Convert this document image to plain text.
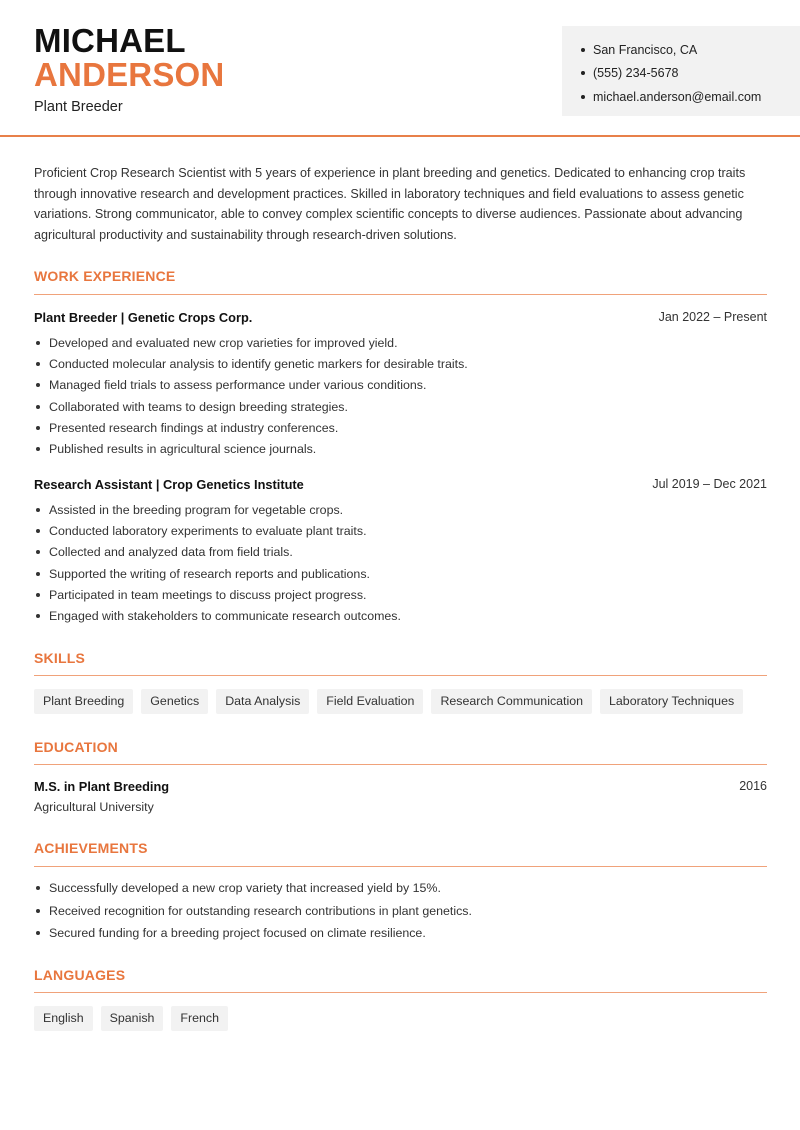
MICHAEL
ANDERSON
Plant Breeder
San Francisco, CA
(555) 234-5678
michael.anderson@email.com

Proficient Crop Research Scientist with 5 years of experience in plant breeding and genetics. Dedicated to enhancing crop traits through innovative research and development practices. Skilled in laboratory techniques and field evaluations to assess genetic variations. Strong communicator, able to convey complex scientific concepts to diverse audiences. Passionate about advancing agricultural productivity and sustainability through research-driven solutions.

WORK EXPERIENCE
Plant Breeder | Genetic Crops Corp.	Jan 2022 – Present
Developed and evaluated new crop varieties for improved yield.
Conducted molecular analysis to identify genetic markers for desirable traits.
Managed field trials to assess performance under various conditions.
Collaborated with teams to design breeding strategies.
Presented research findings at industry conferences.
Published results in agricultural science journals.
Research Assistant | Crop Genetics Institute	Jul 2019 – Dec 2021
Assisted in the breeding program for vegetable crops.
Conducted laboratory experiments to evaluate plant traits.
Collected and analyzed data from field trials.
Supported the writing of research reports and publications.
Participated in team meetings to discuss project progress.
Engaged with stakeholders to communicate research outcomes.
SKILLS
Plant Breeding	Genetics	Data Analysis	Field Evaluation	Research Communication	Laboratory Techniques
EDUCATION
M.S. in Plant Breeding	2016
Agricultural University
ACHIEVEMENTS
Successfully developed a new crop variety that increased yield by 15%.
Received recognition for outstanding research contributions in plant genetics.
Secured funding for a breeding project focused on climate resilience.
LANGUAGES
English	Spanish	French
